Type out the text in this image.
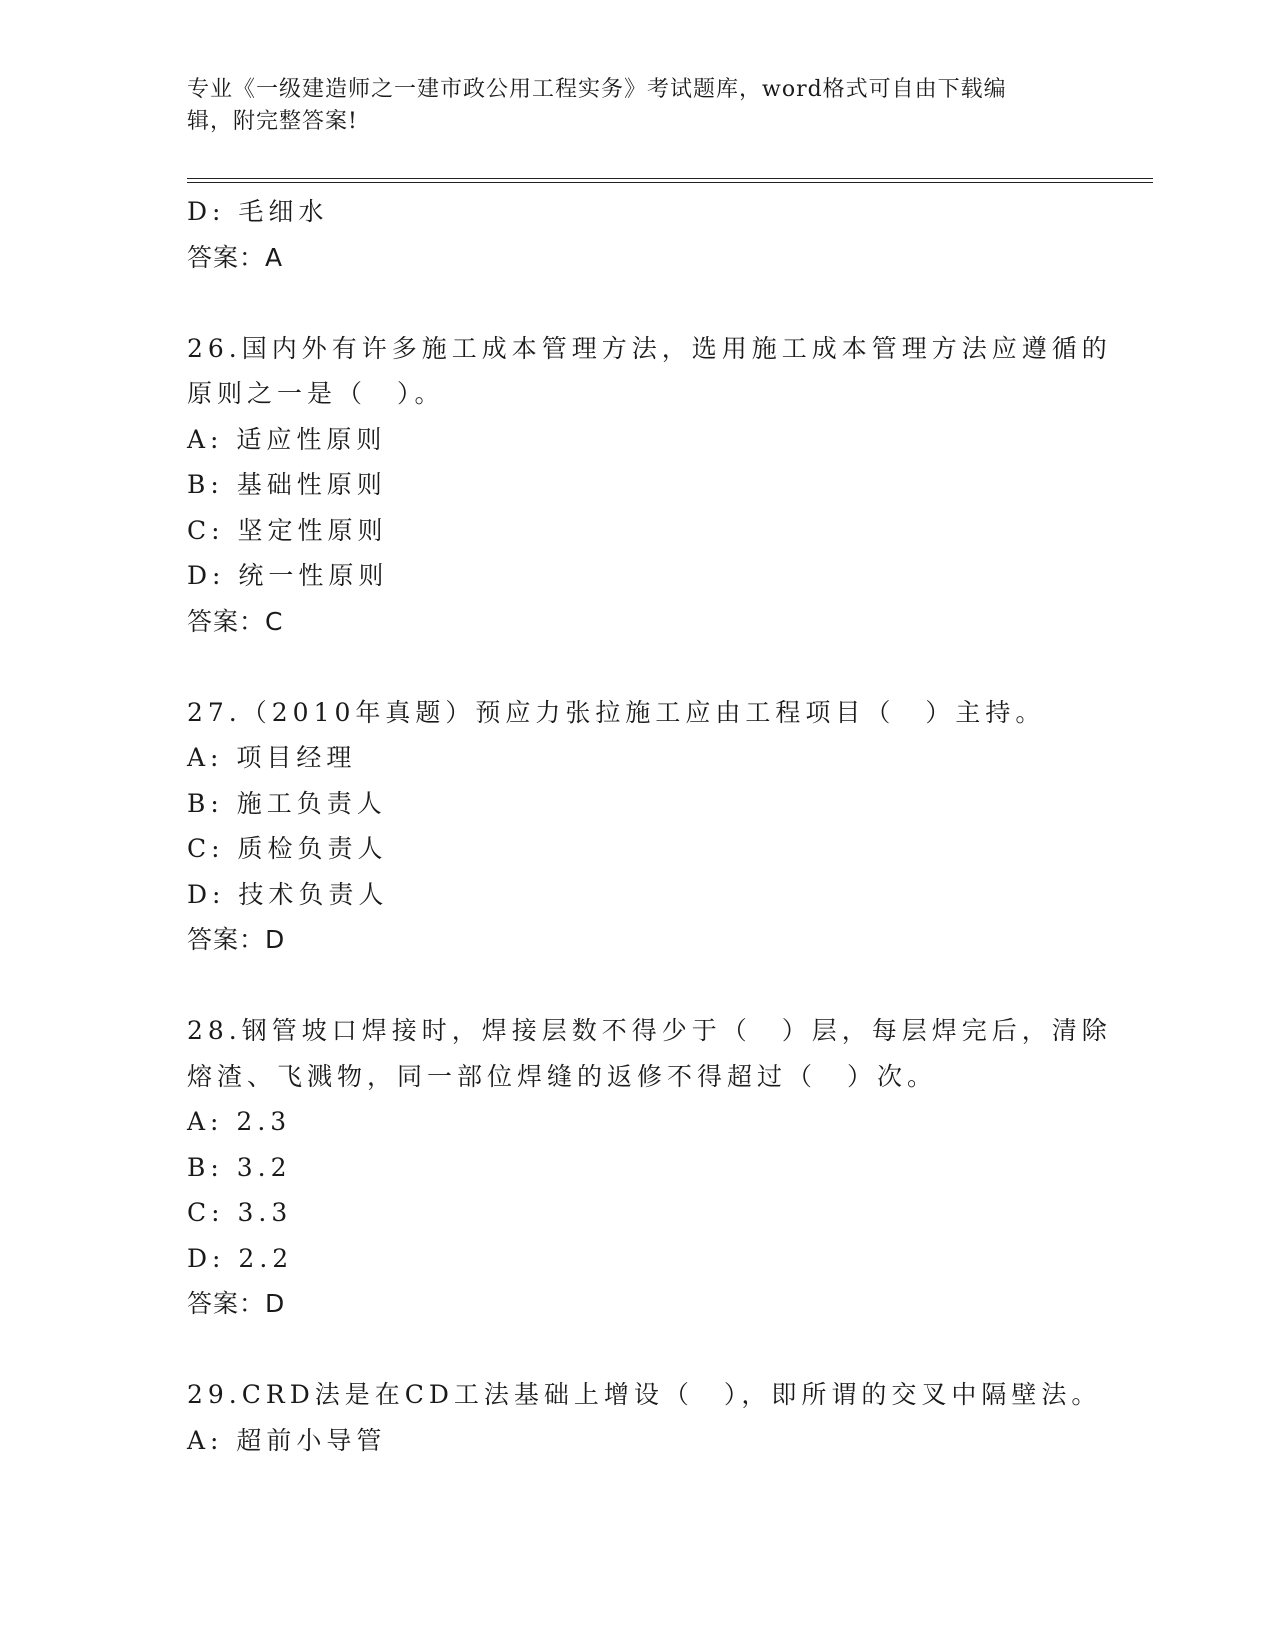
专业《一级建造师之一建市政公用工程实务》考试题库，word格式可自由下载编
辑，附完整答案!
D: 毛细水
答案：A
26.国内外有许多施工成本管理方法，选用施工成本管理方法应遵循的
原则之一是（　）。
A: 适应性原则
B: 基础性原则
C: 坚定性原则
D: 统一性原则
答案：C
27.（2010年真题）预应力张拉施工应由工程项目（　）主持。
A: 项目经理
B: 施工负责人
C: 质检负责人
D: 技术负责人
答案：D
28.钢管坡口焊接时，焊接层数不得少于（　）层，每层焊完后，清除
熔渣、飞溅物，同一部位焊缝的返修不得超过（　）次。
A: 2.3
B: 3.2
C: 3.3
D: 2.2
答案：D
29.CRD法是在CD工法基础上增设（　），即所谓的交叉中隔壁法。
A: 超前小导管
